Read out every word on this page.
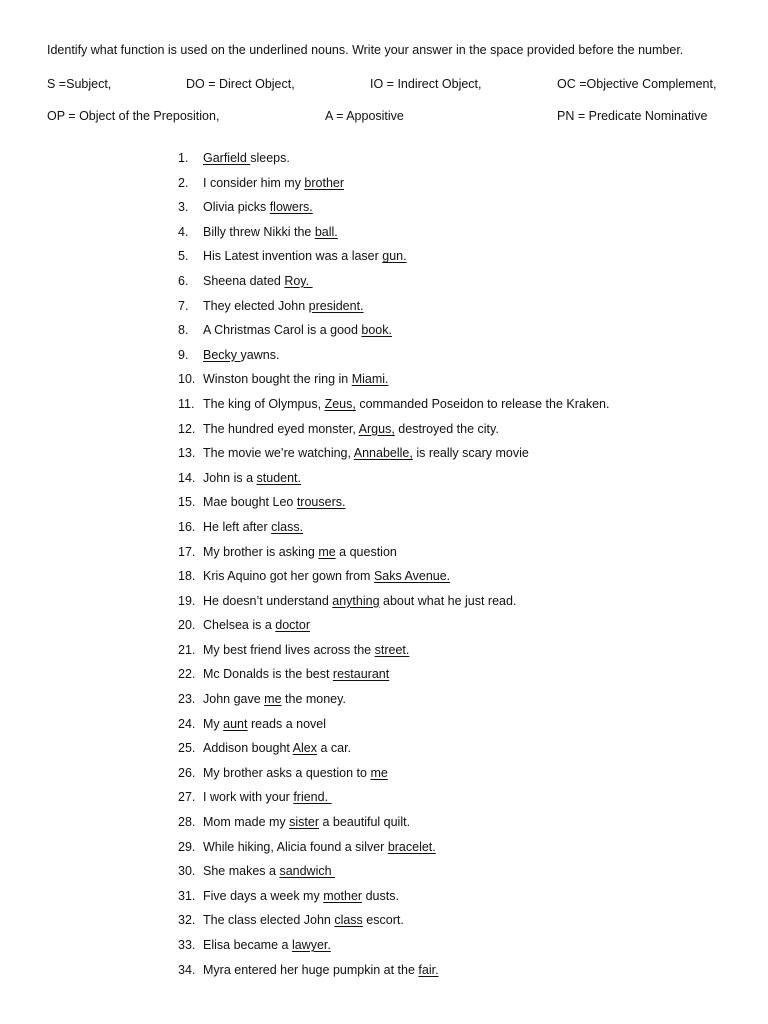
Identify what function is used on the underlined nouns. Write your answer in the space provided before the number.
S =Subject,	DO = Direct Object,	IO = Indirect Object,	OC =Objective Complement,
OP = Object of the Preposition,	A = Appositive	PN = Predicate Nominative
1.	Garfield sleeps.
2.	I consider him my brother
3.	Olivia picks flowers.
4.	Billy threw Nikki the ball.
5.	His Latest invention was a laser gun.
6.	Sheena dated Roy.
7.	They elected John president.
8.	A Christmas Carol is a good book.
9.	Becky yawns.
10. Winston bought the ring in Miami.
11. The king of Olympus, Zeus, commanded Poseidon to release the Kraken.
12. The hundred eyed monster, Argus, destroyed the city.
13. The movie we’re watching, Annabelle, is really scary movie
14. John is a student.
15. Mae bought Leo trousers.
16. He left after class.
17. My brother is asking me a question
18. Kris Aquino got her gown from Saks Avenue.
19. He doesn’t understand anything about what he just read.
20. Chelsea is a doctor
21. My best friend lives across the street.
22. Mc Donalds is the best restaurant
23. John gave me the money.
24. My aunt reads a novel
25. Addison bought Alex a car.
26. My brother asks a question to me
27. I work with your friend.
28. Mom made my sister a beautiful quilt.
29. While hiking, Alicia found a silver bracelet.
30. She makes a sandwich
31. Five days a week my mother dusts.
32. The class elected John class escort.
33. Elisa became a lawyer.
34. Myra entered her huge pumpkin at the fair.
